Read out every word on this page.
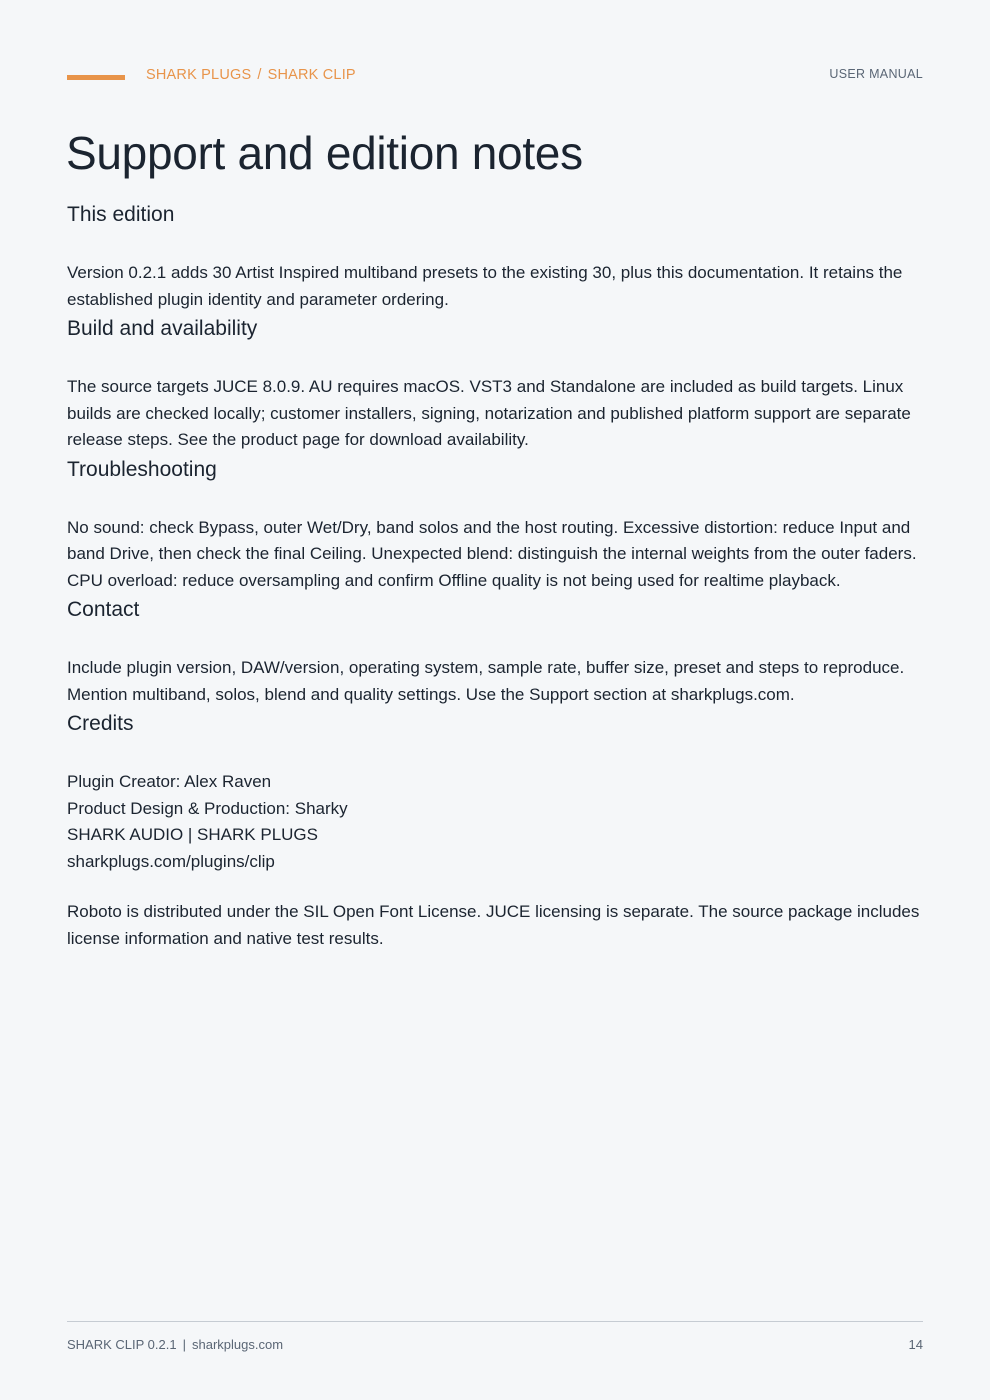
SHARK PLUGS / SHARK CLIP	USER MANUAL
Support and edition notes
This edition

Version 0.2.1 adds 30 Artist Inspired multiband presets to the existing 30, plus this documentation. It retains the established plugin identity and parameter ordering.

Build and availability

The source targets JUCE 8.0.9. AU requires macOS. VST3 and Standalone are included as build targets. Linux builds are checked locally; customer installers, signing, notarization and published platform support are separate release steps. See the product page for download availability.

Troubleshooting

No sound: check Bypass, outer Wet/Dry, band solos and the host routing. Excessive distortion: reduce Input and band Drive, then check the final Ceiling. Unexpected blend: distinguish the internal weights from the outer faders. CPU overload: reduce oversampling and confirm Offline quality is not being used for realtime playback.

Contact

Include plugin version, DAW/version, operating system, sample rate, buffer size, preset and steps to reproduce. Mention multiband, solos, blend and quality settings. Use the Support section at sharkplugs.com.

Credits

Plugin Creator: Alex Raven
Product Design & Production: Sharky
SHARK AUDIO | SHARK PLUGS
sharkplugs.com/plugins/clip

Roboto is distributed under the SIL Open Font License. JUCE licensing is separate. The source package includes license information and native test results.

SHARK CLIP 0.2.1 | sharkplugs.com	14
